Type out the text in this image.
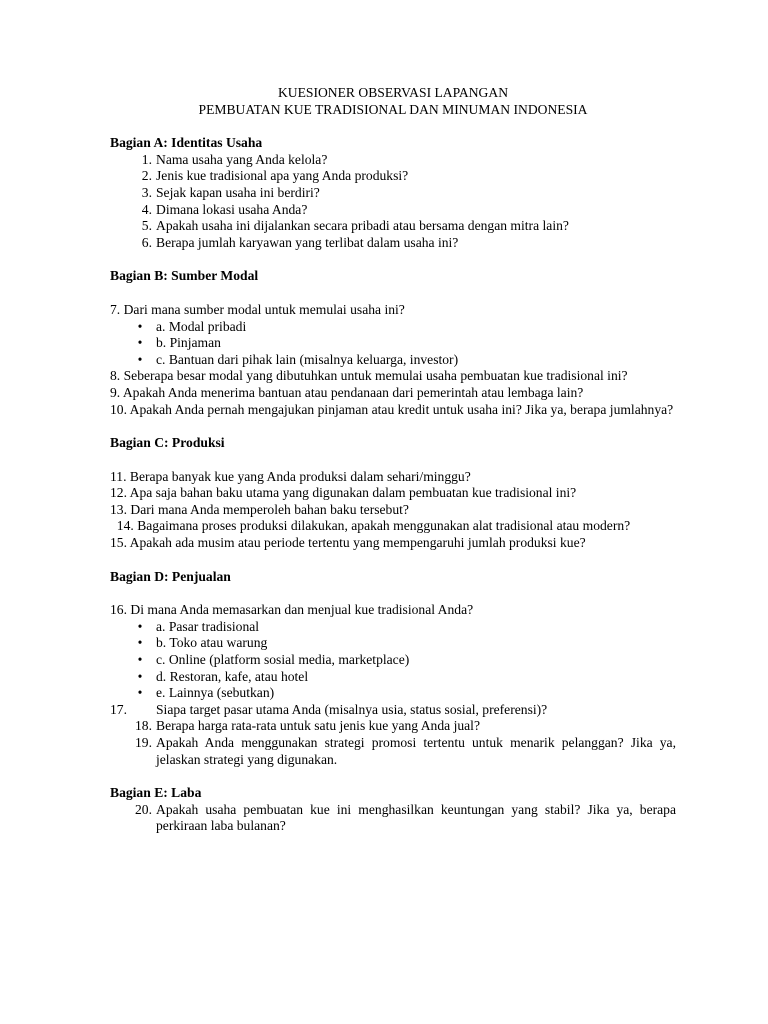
KUESIONER OBSERVASI LAPANGAN

PEMBUATAN KUE TRADISIONAL DAN MINUMAN INDONESIA

Bagian A: Identitas Usaha

1. Nama usaha yang Anda kelola?
2. Jenis kue tradisional apa yang Anda produksi?
3. Sejak kapan usaha ini berdiri?
4. Dimana lokasi usaha Anda?
5. Apakah usaha ini dijalankan secara pribadi atau bersama dengan mitra lain?
6. Berapa jumlah karyawan yang terlibat dalam usaha ini?

Bagian B: Sumber Modal

7. Dari mana sumber modal untuk memulai usaha ini?

•	a. Modal pribadi
•	b. Pinjaman
•	c. Bantuan dari pihak lain (misalnya keluarga, investor)

8. Seberapa besar modal yang dibutuhkan untuk memulai usaha pembuatan kue tradisional ini?

9. Apakah Anda menerima bantuan atau pendanaan dari pemerintah atau lembaga lain?

10. Apakah Anda pernah mengajukan pinjaman atau kredit untuk usaha ini? Jika ya, berapa jumlahnya?

Bagian C: Produksi

11. Berapa banyak kue yang Anda produksi dalam sehari/minggu?

12. Apa saja bahan baku utama yang digunakan dalam pembuatan kue tradisional ini?

13. Dari mana Anda memperoleh bahan baku tersebut?

14. Bagaimana proses produksi dilakukan, apakah menggunakan alat tradisional atau modern?

15. Apakah ada musim atau periode tertentu yang mempengaruhi jumlah produksi kue?

Bagian D: Penjualan

16. Di mana Anda memasarkan dan menjual kue tradisional Anda?

•	a. Pasar tradisional
•	b. Toko atau warung
•	c. Online (platform sosial media, marketplace)
•	d. Restoran, kafe, atau hotel
•	e. Lainnya (sebutkan)
17.	Siapa target pasar utama Anda (misalnya usia, status sosial, preferensi)?
18. Berapa harga rata-rata untuk satu jenis kue yang Anda jual?
19. Apakah Anda menggunakan strategi promosi tertentu untuk menarik pelanggan? Jika ya, jelaskan strategi yang digunakan.

Bagian E: Laba

20. Apakah usaha pembuatan kue ini menghasilkan keuntungan yang stabil? Jika ya, berapa perkiraan laba bulanan?
